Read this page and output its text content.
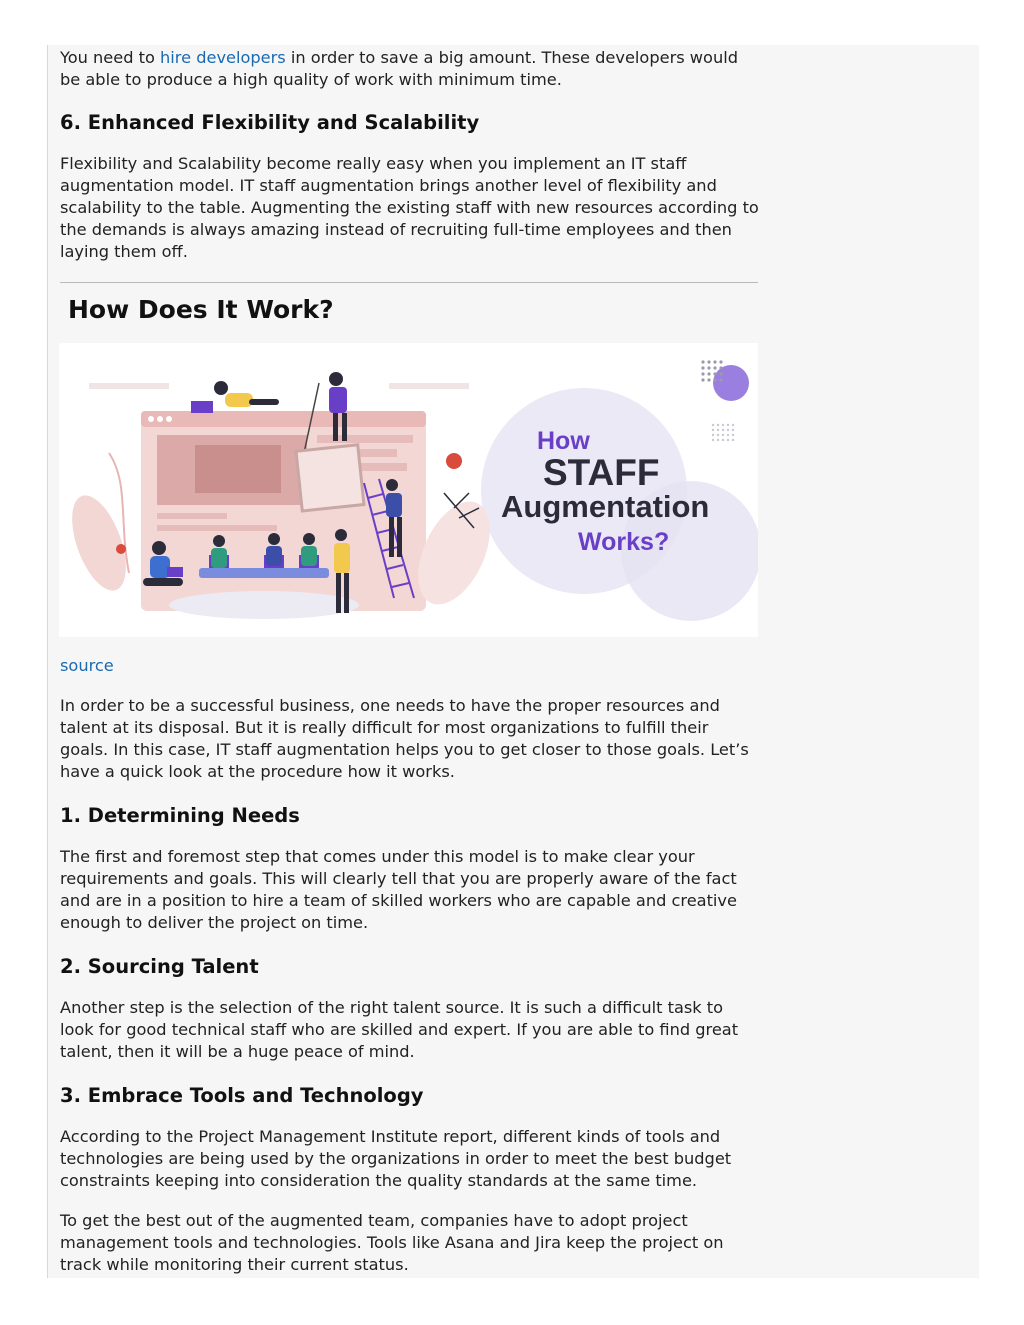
You need to hire developers in order to save a big amount. These developers would be able to produce a high quality of work with minimum time.

6. Enhanced Flexibility and Scalability

Flexibility and Scalability become really easy when you implement an IT staff augmentation model. IT staff augmentation brings another level of flexibility and scalability to the table. Augmenting the existing staff with new resources according to the demands is always amazing instead of recruiting full-time employees and then laying them off.

How Does It Work?
How
STAFF
Augmentation
Works?
source

In order to be a successful business, one needs to have the proper resources and talent at its disposal. But it is really difficult for most organizations to fulfill their goals. In this case, IT staff augmentation helps you to get closer to those goals. Let’s have a quick look at the procedure how it works.

1. Determining Needs

The first and foremost step that comes under this model is to make clear your requirements and goals. This will clearly tell that you are properly aware of the fact and are in a position to hire a team of skilled workers who are capable and creative enough to deliver the project on time.

2. Sourcing Talent

Another step is the selection of the right talent source. It is such a difficult task to look for good technical staff who are skilled and expert. If you are able to find great talent, then it will be a huge peace of mind.

3. Embrace Tools and Technology

According to the Project Management Institute report, different kinds of tools and technologies are being used by the organizations in order to meet the best budget constraints keeping into consideration the quality standards at the same time.

To get the best out of the augmented team, companies have to adopt project management tools and technologies. Tools like Asana and Jira keep the project on track while monitoring their current status.
